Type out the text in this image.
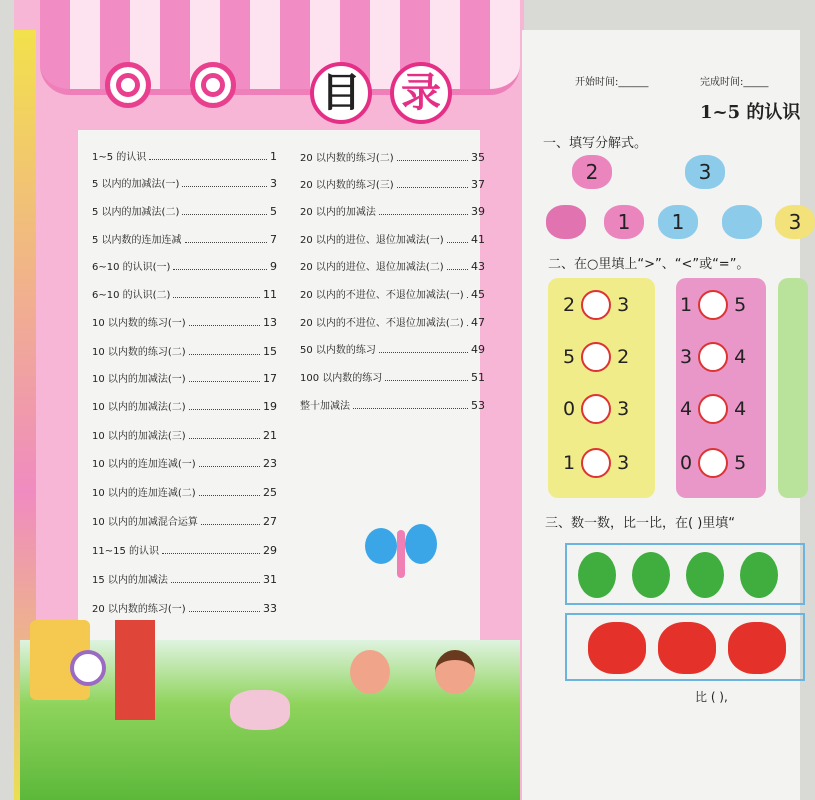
目 录
1~5 的认识	1
5 以内的加减法(一)	3
5 以内的加减法(二)	5
5 以内数的连加连减	7
6~10 的认识(一)	9
6~10 的认识(二)	11
10 以内数的练习(一)	13
10 以内数的练习(二)	15
10 以内的加减法(一)	17
10 以内的加减法(二)	19
10 以内的加减法(三)	21
10 以内的连加连减(一)	23
10 以内的连加连减(二)	25
10 以内的加减混合运算	27
11~15 的认识	29
15 以内的加减法	31
20 以内数的练习(一)	33
20 以内数的练习(二)	35
20 以内数的练习(三)	37
20 以内的加减法	39
20 以内的进位、退位加减法(一) 41
20 以内的进位、退位加减法(二) 43
20 以内的不进位、不退位加减法(一) 45
20 以内的不进位、不退位加减法(二) 47
50 以内数的练习	49
100 以内数的练习	51
整十加减法	53
开始时间:______	完成时间:_____
1~5 的认识
一、填写分解式。
2
1
3
1	3
二、在○里填上“>”、“<”或“=”。
2 3
5 2
0 3
1 3
1 5
3 4
4 4
0 5
三、数一数，比一比，在( )里填“
比 ( ),
